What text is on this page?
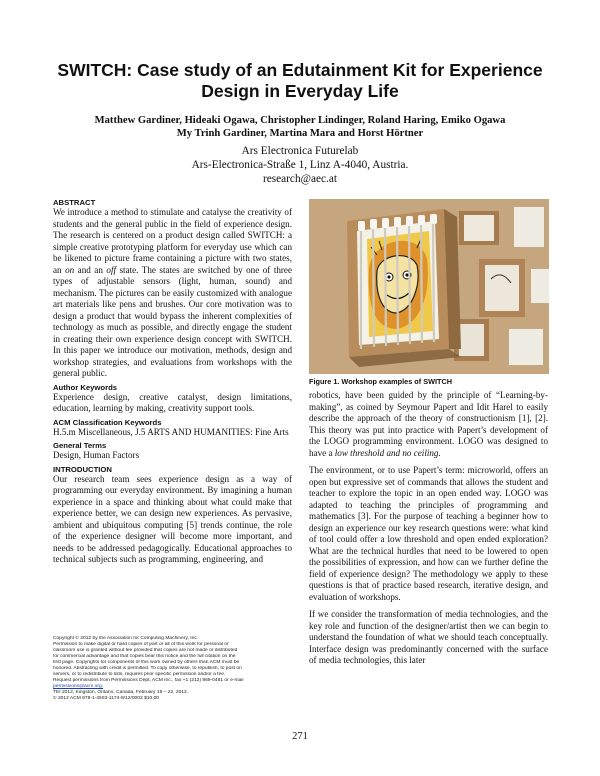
SWITCH: Case study of an Edutainment Kit for Experience Design in Everyday Life
Matthew Gardiner, Hideaki Ogawa, Christopher Lindinger, Roland Haring, Emiko Ogawa
My Trinh Gardiner, Martina Mara and Horst Hörtner
Ars Electronica Futurelab
Ars-Electronica-Straße 1, Linz A-4040, Austria.
research@aec.at
ABSTRACT

We introduce a method to stimulate and catalyse the creativity of students and the general public in the field of experience design. The research is centered on a product design called SWITCH: a simple creative prototyping platform for everyday use which can be likened to picture frame containing a picture with two states, an on and an off state. The states are switched by one of three types of adjustable sensors (light, human, sound) and mechanism. The pictures can be easily customized with analogue art materials like pens and brushes. Our core motivation was to design a product that would bypass the inherent complexities of technology as much as possible, and directly engage the student in creating their own experience design concept with SWITCH. In this paper we introduce our motivation, methods, design and workshop strategies, and evaluations from workshops with the general public.

Author Keywords

Experience design, creative catalyst, design limitations, education, learning by making, creativity support tools.

ACM Classification Keywords

H.5.m Miscellaneous, J.5 ARTS AND HUMANITIES: Fine Arts

General Terms

Design, Human Factors

INTRODUCTION

Our research team sees experience design as a way of programming our everyday environment. By imagining a human experience in a space and thinking about what could make that experience better, we can design new experiences. As pervasive, ambient and ubiquitous computing [5] trends continue, the role of the experience designer will become more important, and needs to be addressed pedagogically. Educational approaches to technical subjects such as programming, engineering, and

Copyright © 2012 by the Association for Computing Machinery, Inc.
Permission to make digital or hard copies of part or all of this work for personal or
classroom use is granted without fee provided that copies are not made or distributed
for commercial advantage and that copies bear this notice and the full citation on the
first page. Copyrights for components of this work owned by others than ACM must be
honored. Abstracting with credit is permitted. To copy otherwise, to republish, to post on
servers, or to redistribute to lists, requires prior specific permission and/or a fee.
Request permissions from Permissions Dept, ACM Inc., fax +1 (212) 869-0481 or e-mail
permissions@acm.org.
TEI 2012, Kingston, Ontario, Canada, February 19 – 22, 2012.
© 2012 ACM 978-1-4503-1174-8/12/0002 $10.00
Figure 1. Workshop examples of SWITCH

robotics, have been guided by the principle of “Learning-by-making”, as coined by Seymour Papert and Idit Harel to easily describe the approach of the theory of constructionism [1], [2]. This theory was put into practice with Papert’s development of the LOGO programming environment. LOGO was designed to have a low threshold and no ceiling.

The environment, or to use Papert’s term: microworld, offers an open but expressive set of commands that allows the student and teacher to explore the topic in an open ended way. LOGO was adapted to teaching the principles of programming and mathematics [3]. For the purpose of teaching a beginner how to design an experience our key research questions were: what kind of tool could offer a low threshold and open ended exploration? What are the technical hurdles that need to be lowered to open the possibilities of expression, and how can we further define the field of experience design? The methodology we apply to these questions is that of practice based research, iterative design, and evaluation of workshops.

If we consider the transformation of media technologies, and the key role and function of the designer/artist then we can begin to understand the foundation of what we should teach conceptually. Interface design was predominantly concerned with the surface of media technologies, this later

271
